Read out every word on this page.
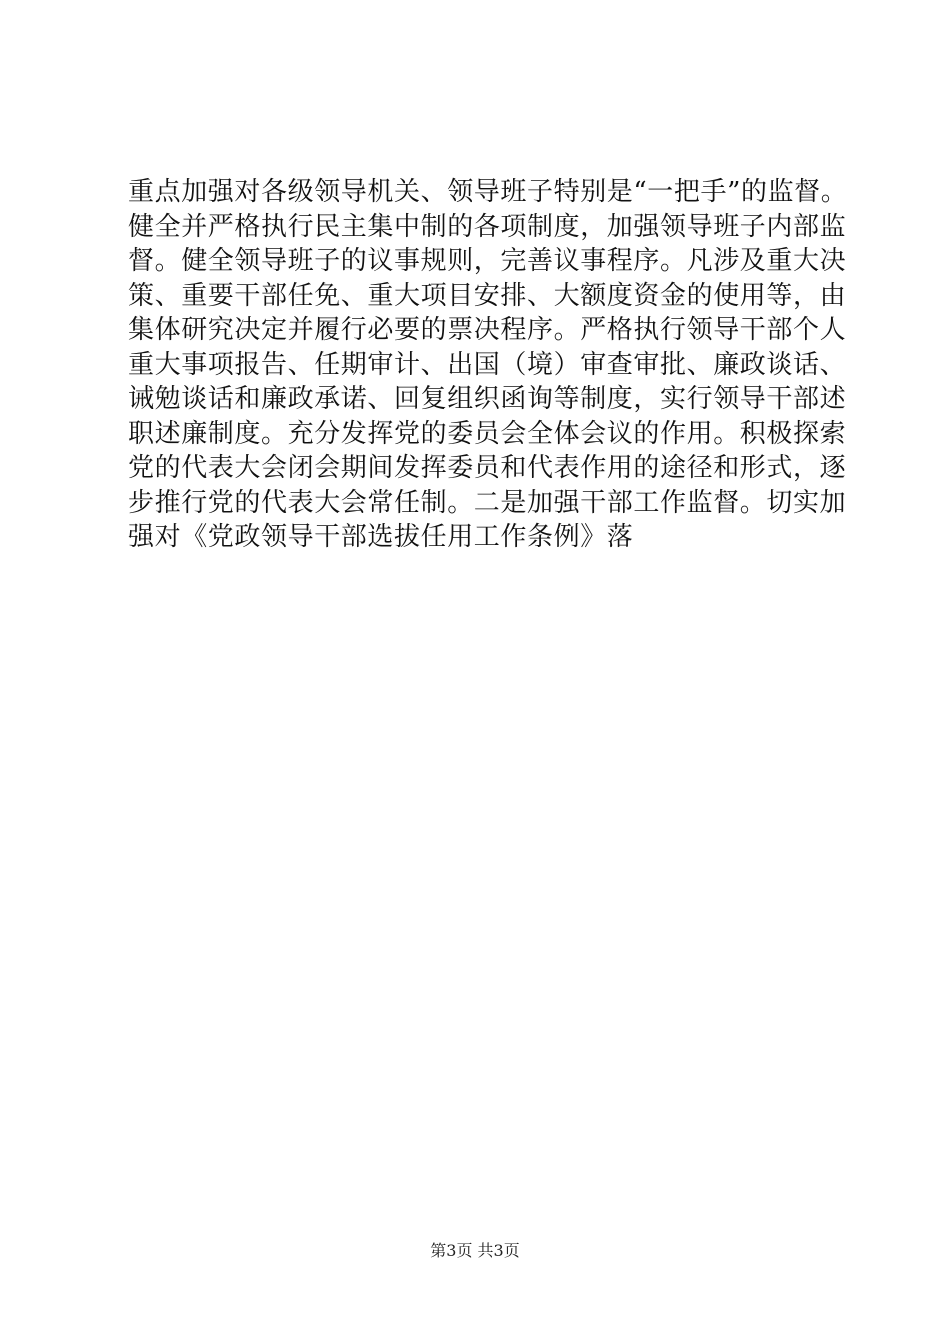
重点加强对各级领导机关、领导班子特别是“一把手”的监督。
健全并严格执行民主集中制的各项制度，加强领导班子内部监
督。健全领导班子的议事规则，完善议事程序。凡涉及重大决
策、重要干部任免、重大项目安排、大额度资金的使用等，由
集体研究决定并履行必要的票决程序。严格执行领导干部个人
重大事项报告、任期审计、出国（境）审查审批、廉政谈话、
诫勉谈话和廉政承诺、回复组织函询等制度，实行领导干部述
职述廉制度。充分发挥党的委员会全体会议的作用。积极探索
党的代表大会闭会期间发挥委员和代表作用的途径和形式，逐
步推行党的代表大会常任制。二是加强干部工作监督。切实加
强对《党政领导干部选拔任用工作条例》落
第3页 共3页
